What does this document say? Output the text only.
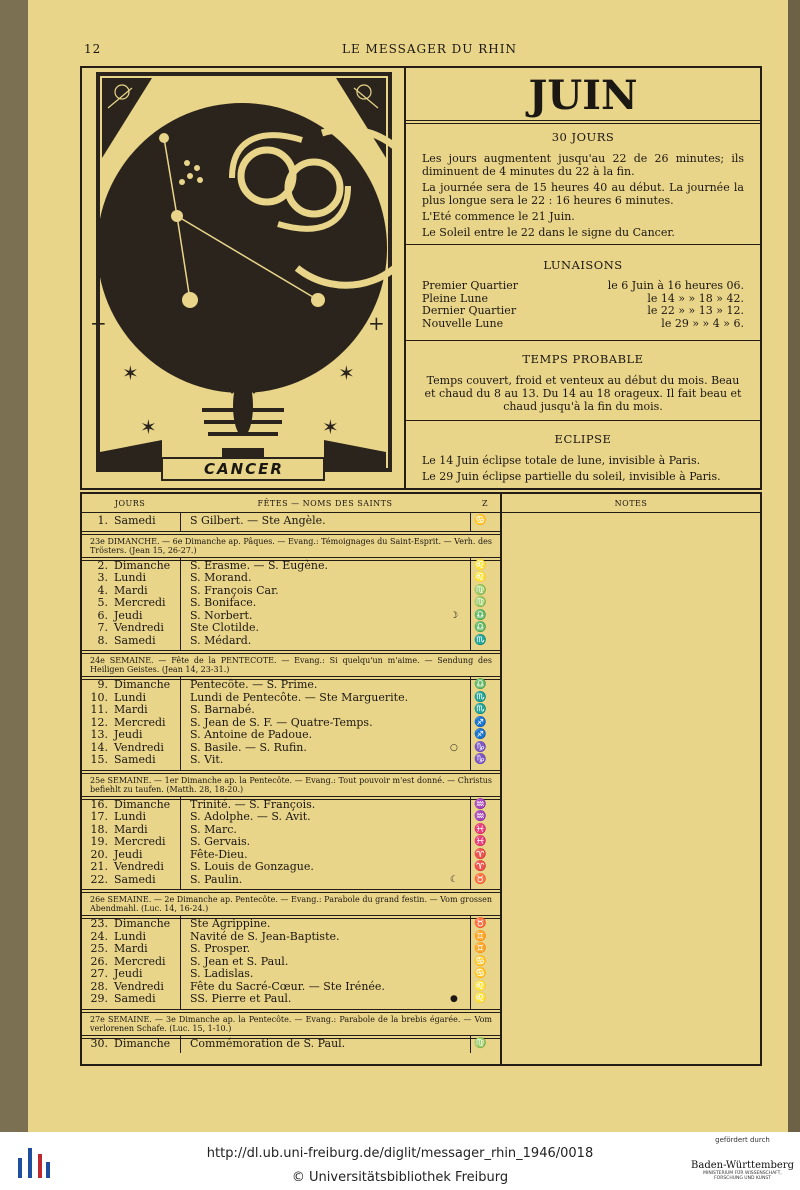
12	LE MESSAGER DU RHIN
+	+
✶	✶
✶	✶
CANCER
JUIN
30 JOURS

Les jours augmentent jusqu'au 22 de 26 minutes; ils diminuent de 4 minutes du 22 à la fin.

La journée sera de 15 heures 40 au début. La journée la plus longue sera le 22 : 16 heures 6 minutes.

L'Eté commence le 21 Juin.

Le Soleil entre le 22 dans le signe du Cancer.

LUNAISONS
Premier Quartier	le 6 Juin à 16 heures 06.
Pleine Lune	le 14 » » 18 » 42.
Dernier Quartier	le 22 » » 13 » 12.
Nouvelle Lune	le 29 » » 4 » 6.
TEMPS PROBABLE
Temps couvert, froid et venteux au début du mois. Beau et chaud du 8 au 13. Du 14 au 18 orageux. Il fait beau et chaud jusqu'à la fin du mois.
ECLIPSE

Le 14 Juin éclipse totale de lune, invisible à Paris.

Le 29 Juin éclipse partielle du soleil, invisible à Paris.

JOURS	FÊTES — NOMS DES SAINTS	Z
1. Samedi	S Gilbert. — Ste Angèle.	♋
23e DIMANCHE. — 6e Dimanche ap. Pâques. — Evang.: Témoignages du Saint-Esprit. — Verh. des Trösters. (Jean 15, 26-27.)
2. Dimanche S. Erasme. — S. Eugène.	♌
3. Lundi	S. Morand.	♌
4. Mardi	S. François Car.	♍
5. Mercredi S. Boniface.	♍
6. Jeudi	S. Norbert.	♎
☽
7. Vendredi Ste Clotilde.	♎
8. Samedi	S. Médard.	♏
24e SEMAINE. — Fête de la PENTECOTE. — Evang.: Si quelqu'un m'aime. — Sendung des Heiligen Geistes. (Jean 14, 23-31.)
9. Dimanche Pentecôte. — S. Prime.	♎
10. Lundi	Lundi de Pentecôte. — Ste Marguerite.	♏
11. Mardi	S. Barnabé.	♏
12. Mercredi S. Jean de S. F. — Quatre-Temps.	♐
13. Jeudi	S. Antoine de Padoue.	♐
14. Vendredi S. Basile. — S. Rufin.	♑
○
15. Samedi	S. Vit.	♑
25e SEMAINE. — 1er Dimanche ap. la Pentecôte. — Evang.: Tout pouvoir m'est donné. — Christus befiehlt zu taufen. (Matth. 28, 18-20.)
16. Dimanche Trinité. — S. François.	♒
17. Lundi	S. Adolphe. — S. Avit.	♒
18. Mardi	S. Marc.	♓
19. Mercredi S. Gervais.	♓
20. Jeudi	Fête-Dieu.	♈
21. Vendredi S. Louis de Gonzague.	♈
22. Samedi	S. Paulin.	♉
☾
26e SEMAINE. — 2e Dimanche ap. Pentecôte. — Evang.: Parabole du grand festin. — Vom grossen Abendmahl. (Luc. 14, 16-24.)
23. Dimanche Ste Agrippine.	♉
24. Lundi	Navité de S. Jean-Baptiste.	♊
25. Mardi	S. Prosper.	♊
26. Mercredi S. Jean et S. Paul.	♋
27. Jeudi	S. Ladislas.	♋
28. Vendredi Fête du Sacré-Cœur. — Ste Irénée.	♌
29. Samedi	SS. Pierre et Paul.	♌
●
27e SEMAINE. — 3e Dimanche ap. la Pentecôte. — Evang.: Parabole de la brebis égarée. — Vom verlorenen Schafe. (Luc. 15, 1-10.)
30. Dimanche Commémoration de S. Paul.	♍
NOTES
http://dl.ub.uni-freiburg.de/diglit/messager_rhin_1946/0018
© Universitätsbibliothek Freiburg
gefördert durch
Baden-Württemberg
MINISTERIUM FÜR WISSENSCHAFT, FORSCHUNG UND KUNST
